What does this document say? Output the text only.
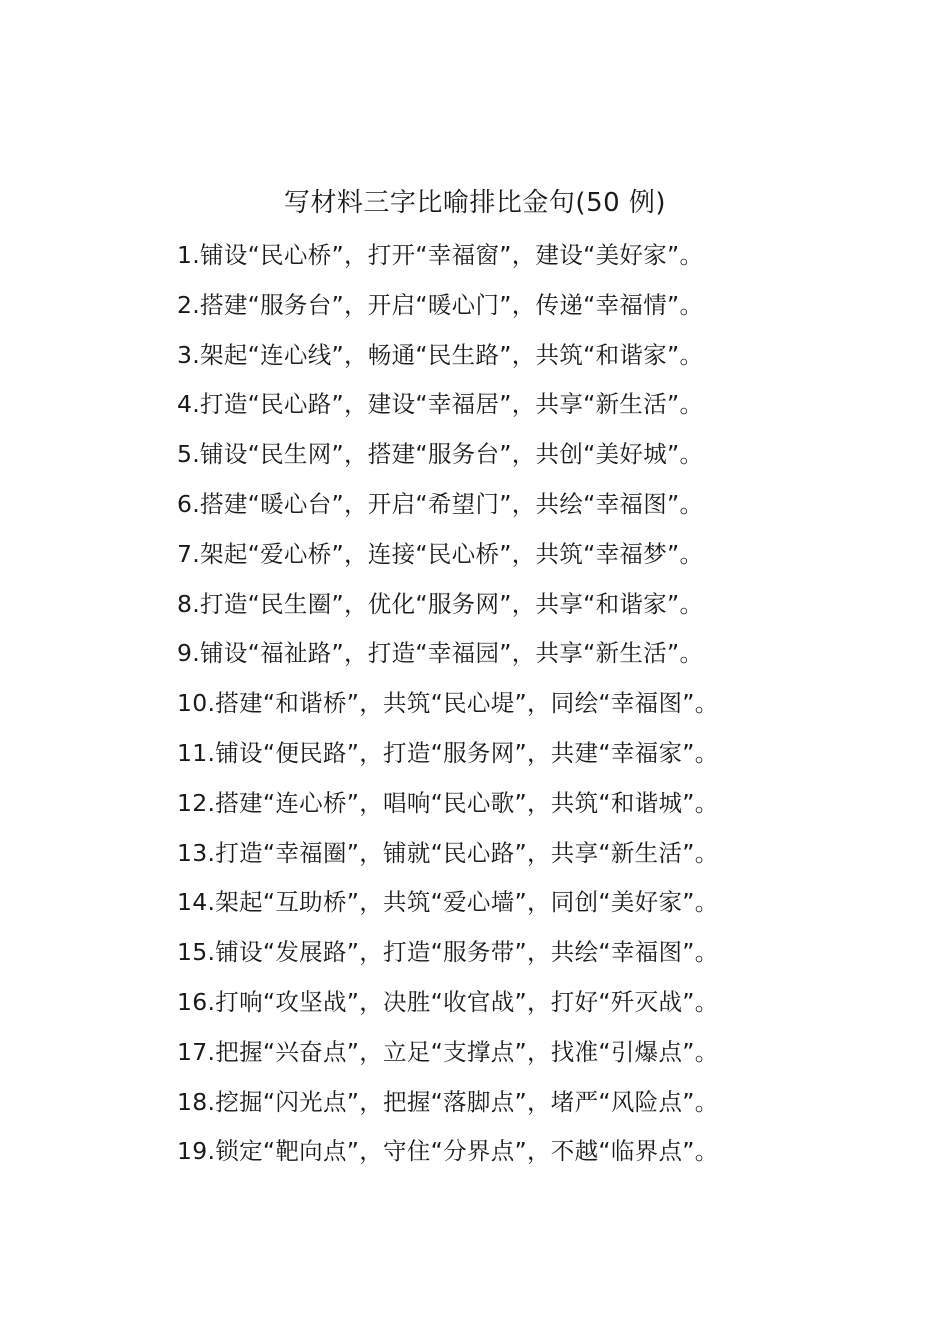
写材料三字比喻排比金句(50 例)
1.铺设“民心桥”，打开“幸福窗”，建设“美好家”。
2.搭建“服务台”，开启“暖心门”，传递“幸福情”。
3.架起“连心线”，畅通“民生路”，共筑“和谐家”。
4.打造“民心路”，建设“幸福居”，共享“新生活”。
5.铺设“民生网”，搭建“服务台”，共创“美好城”。
6.搭建“暖心台”，开启“希望门”，共绘“幸福图”。
7.架起“爱心桥”，连接“民心桥”，共筑“幸福梦”。
8.打造“民生圈”，优化“服务网”，共享“和谐家”。
9.铺设“福祉路”，打造“幸福园”，共享“新生活”。
10.搭建“和谐桥”，共筑“民心堤”，同绘“幸福图”。
11.铺设“便民路”，打造“服务网”，共建“幸福家”。
12.搭建“连心桥”，唱响“民心歌”，共筑“和谐城”。
13.打造“幸福圈”，铺就“民心路”，共享“新生活”。
14.架起“互助桥”，共筑“爱心墙”，同创“美好家”。
15.铺设“发展路”，打造“服务带”，共绘“幸福图”。
16.打响“攻坚战”，决胜“收官战”，打好“歼灭战”。
17.把握“兴奋点”，立足“支撑点”，找准“引爆点”。
18.挖掘“闪光点”，把握“落脚点”，堵严“风险点”。
19.锁定“靶向点”，守住“分界点”，不越“临界点”。
